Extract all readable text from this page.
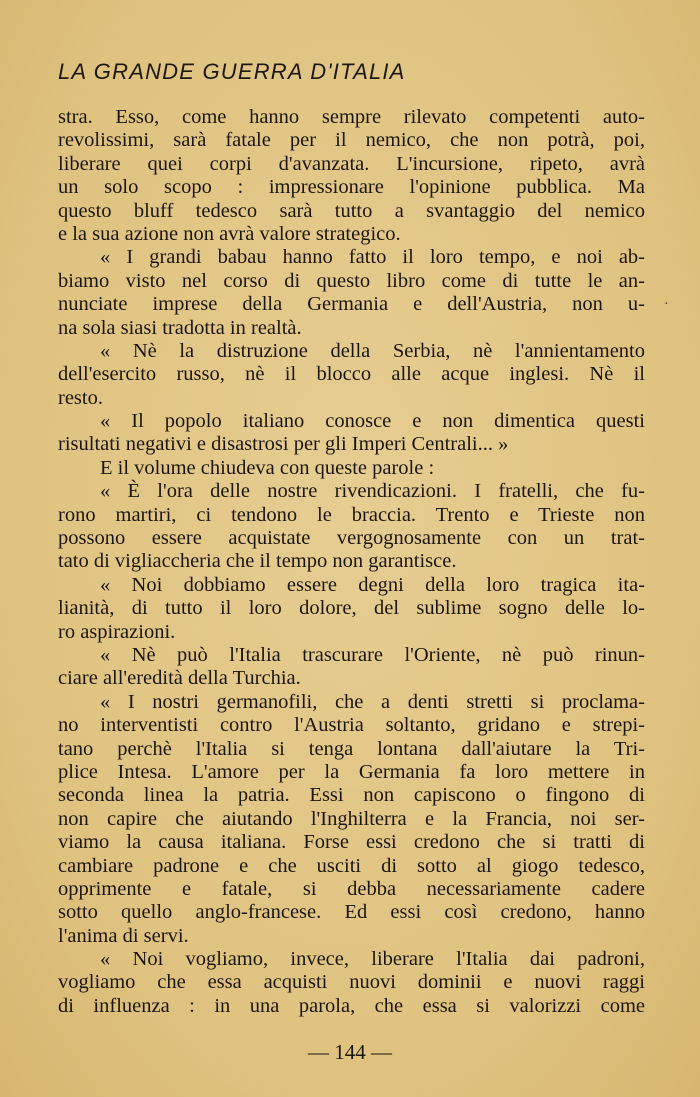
LA GRANDE GUERRA D'ITALIA
stra. Esso, come hanno sempre rilevato competenti auto-
revolissimi, sarà fatale per il nemico, che non potrà, poi,
liberare quei corpi d'avanzata. L'incursione, ripeto, avrà
un solo scopo : impressionare l'opinione pubblica. Ma
questo bluff tedesco sarà tutto a svantaggio del nemico
e la sua azione non avrà valore strategico.
« I grandi babau hanno fatto il loro tempo, e noi ab-
biamo visto nel corso di questo libro come di tutte le an-
nunciate imprese della Germania e dell'Austria, non u-
na sola siasi tradotta in realtà.
« Nè la distruzione della Serbia, nè l'annientamento
dell'esercito russo, nè il blocco alle acque inglesi. Nè il
resto.
« Il popolo italiano conosce e non dimentica questi
risultati negativi e disastrosi per gli Imperi Centrali... »
E il volume chiudeva con queste parole :
« È l'ora delle nostre rivendicazioni. I fratelli, che fu-
rono martiri, ci tendono le braccia. Trento e Trieste non
possono essere acquistate vergognosamente con un trat-
tato di vigliaccheria che il tempo non garantisce.
« Noi dobbiamo essere degni della loro tragica ita-
lianità, di tutto il loro dolore, del sublime sogno delle lo-
ro aspirazioni.
« Nè può l'Italia trascurare l'Oriente, nè può rinun-
ciare all'eredità della Turchia.
« I nostri germanofili, che a denti stretti si proclama-
no interventisti contro l'Austria soltanto, gridano e strepi-
tano perchè l'Italia si tenga lontana dall'aiutare la Tri-
plice Intesa. L'amore per la Germania fa loro mettere in
seconda linea la patria. Essi non capiscono o fingono di
non capire che aiutando l'Inghilterra e la Francia, noi ser-
viamo la causa italiana. Forse essi credono che si tratti di
cambiare padrone e che usciti di sotto al giogo tedesco,
opprimente e fatale, si debba necessariamente cadere
sotto quello anglo-francese. Ed essi così credono, hanno
l'anima di servi.
« Noi vogliamo, invece, liberare l'Italia dai padroni,
vogliamo che essa acquisti nuovi dominii e nuovi raggi
di influenza : in una parola, che essa si valorizzi come
·
— 144 —
